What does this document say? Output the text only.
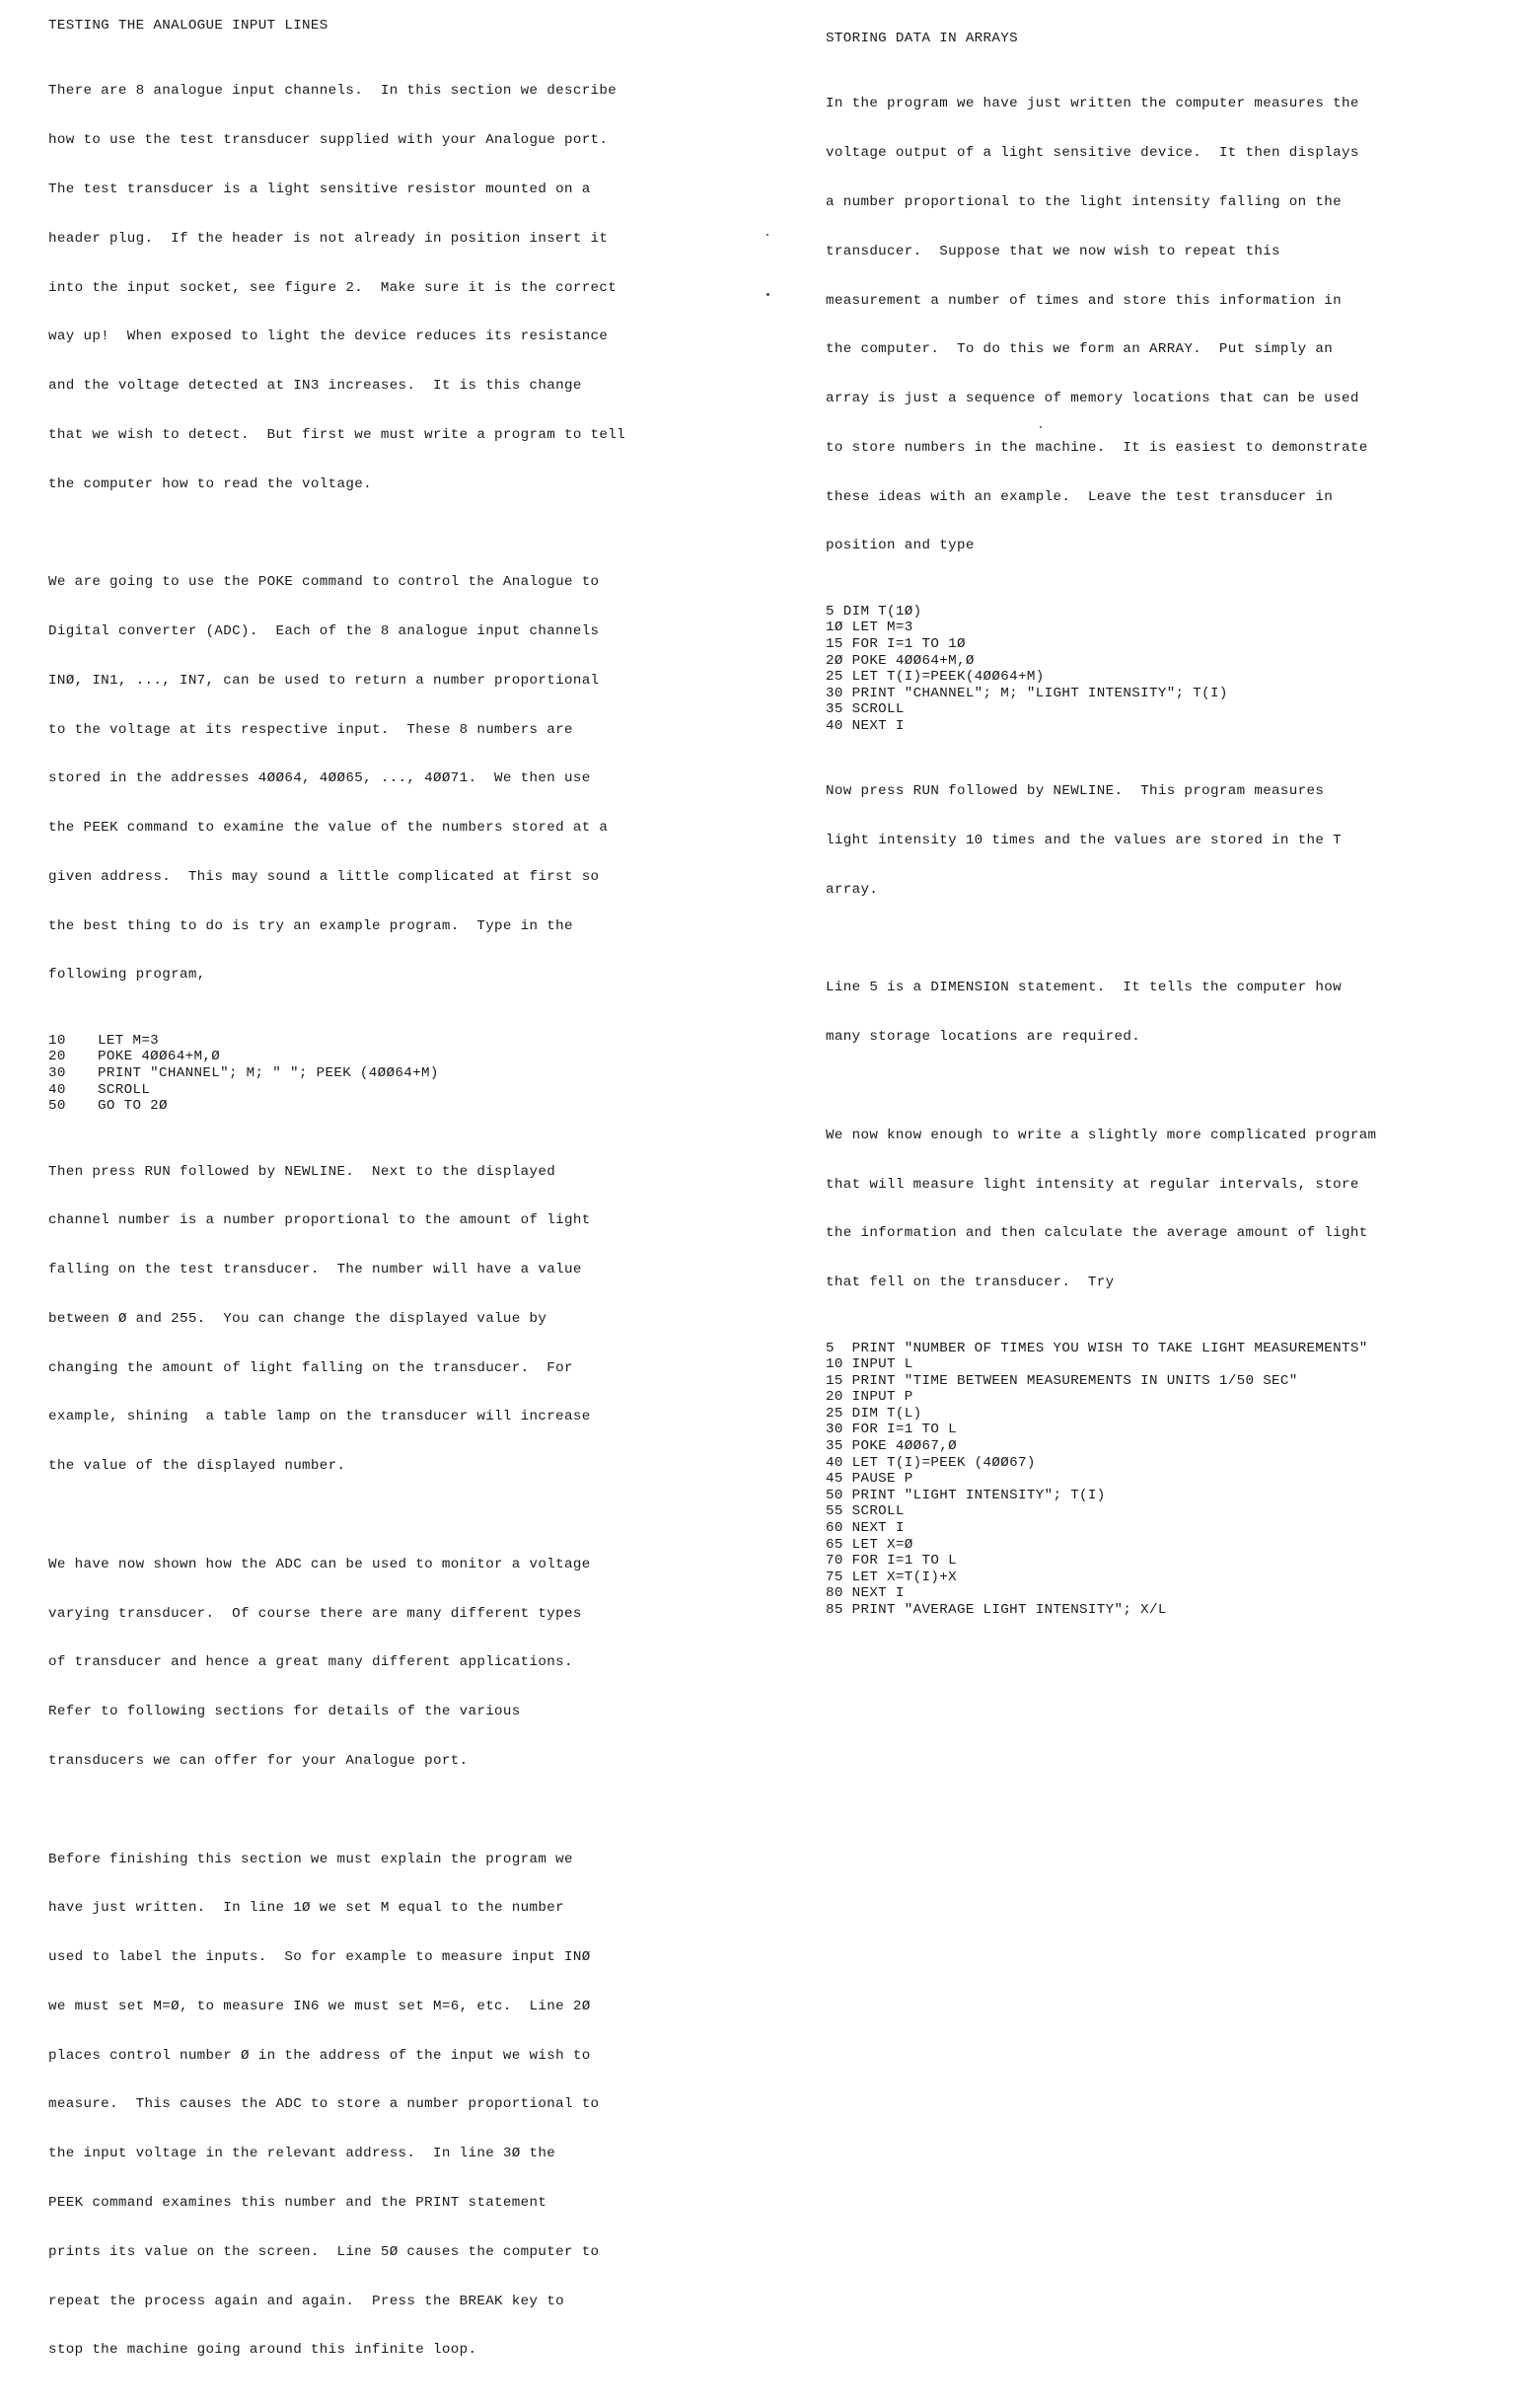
TESTING THE ANALOGUE INPUT LINES

There are 8 analogue input channels.  In this section we describe

how to use the test transducer supplied with your Analogue port.

The test transducer is a light sensitive resistor mounted on a

header plug.  If the header is not already in position insert it

into the input socket, see figure 2.  Make sure it is the correct

way up!  When exposed to light the device reduces its resistance

and the voltage detected at IN3 increases.  It is this change

that we wish to detect.  But first we must write a program to tell

the computer how to read the voltage.

We are going to use the POKE command to control the Analogue to

Digital converter (ADC).  Each of the 8 analogue input channels

INØ, IN1, ..., IN7, can be used to return a number proportional

to the voltage at its respective input.  These 8 numbers are

stored in the addresses 4ØØ64, 4ØØ65, ..., 4ØØ71.  We then use

the PEEK command to examine the value of the numbers stored at a

given address.  This may sound a little complicated at first so

the best thing to do is try an example program.  Type in the

following program,

10 LET M=3
20 POKE 4ØØ64+M,Ø
30 PRINT "CHANNEL"; M; " "; PEEK (4ØØ64+M)
40 SCROLL
50 GO TO 2Ø

Then press RUN followed by NEWLINE.  Next to the displayed

channel number is a number proportional to the amount of light

falling on the test transducer.  The number will have a value

between Ø and 255.  You can change the displayed value by

changing the amount of light falling on the transducer.  For

example, shining  a table lamp on the transducer will increase

the value of the displayed number.

We have now shown how the ADC can be used to monitor a voltage

varying transducer.  Of course there are many different types

of transducer and hence a great many different applications.

Refer to following sections for details of the various

transducers we can offer for your Analogue port.

Before finishing this section we must explain the program we

have just written.  In line 1Ø we set M equal to the number

used to label the inputs.  So for example to measure input INØ

we must set M=Ø, to measure IN6 we must set M=6, etc.  Line 2Ø

places control number Ø in the address of the input we wish to

measure.  This causes the ADC to store a number proportional to

the input voltage in the relevant address.  In line 3Ø the

PEEK command examines this number and the PRINT statement

prints its value on the screen.  Line 5Ø causes the computer to

repeat the process again and again.  Press the BREAK key to

stop the machine going around this infinite loop.

STORING DATA IN ARRAYS

In the program we have just written the computer measures the

voltage output of a light sensitive device.  It then displays

a number proportional to the light intensity falling on the

transducer.  Suppose that we now wish to repeat this

measurement a number of times and store this information in

the computer.  To do this we form an ARRAY.  Put simply an

array is just a sequence of memory locations that can be used

to store numbers in the machine.  It is easiest to demonstrate

these ideas with an example.  Leave the test transducer in

position and type

5 DIM T(1Ø)
1Ø LET M=3
15 FOR I=1 TO 1Ø
2Ø POKE 4ØØ64+M,Ø
25 LET T(I)=PEEK(4ØØ64+M)
30 PRINT "CHANNEL"; M; "LIGHT INTENSITY"; T(I)
35 SCROLL
40 NEXT I

Now press RUN followed by NEWLINE.  This program measures

light intensity 10 times and the values are stored in the T

array.

Line 5 is a DIMENSION statement.  It tells the computer how

many storage locations are required.

We now know enough to write a slightly more complicated program

that will measure light intensity at regular intervals, store

the information and then calculate the average amount of light

that fell on the transducer.  Try

5  PRINT "NUMBER OF TIMES YOU WISH TO TAKE LIGHT MEASUREMENTS"
10 INPUT L
15 PRINT "TIME BETWEEN MEASUREMENTS IN UNITS 1/50 SEC"
20 INPUT P
25 DIM T(L)
30 FOR I=1 TO L
35 POKE 4ØØ67,Ø
40 LET T(I)=PEEK (4ØØ67)
45 PAUSE P
50 PRINT "LIGHT INTENSITY"; T(I)
55 SCROLL
60 NEXT I
65 LET X=Ø
70 FOR I=1 TO L
75 LET X=T(I)+X
80 NEXT I
85 PRINT "AVERAGE LIGHT INTENSITY"; X/L
